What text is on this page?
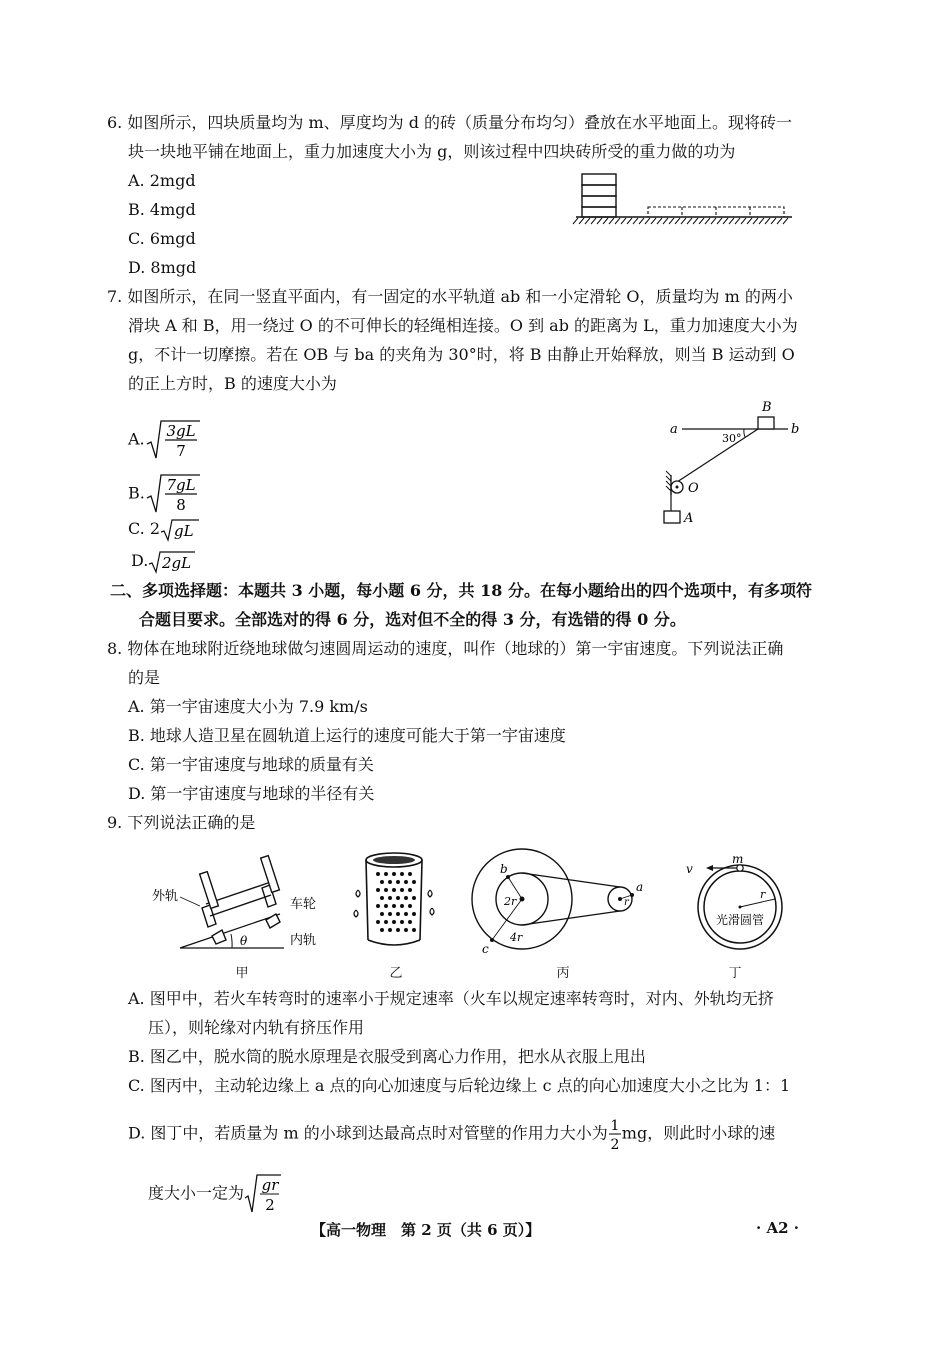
6. 如图所示，四块质量均为 m、厚度均为 d 的砖（质量分布均匀）叠放在水平地面上。现将砖一
块一块地平铺在地面上，重力加速度大小为 g，则该过程中四块砖所受的重力做的功为
A. 2mgd
B. 4mgd
C. 6mgd
D. 8mgd
7. 如图所示，在同一竖直平面内，有一固定的水平轨道 ab 和一小定滑轮 O，质量均为 m 的两小
滑块 A 和 B，用一绕过 O 的不可伸长的轻绳相连接。O 到 ab 的距离为 L，重力加速度大小为
g，不计一切摩擦。若在 OB 与 ba 的夹角为 30°时，将 B 由静止开始释放，则当 B 运动到 O
的正上方时，B 的速度大小为
A. 3gL
7
B. 7gL
8
C. 2 gL
D. 2gL
a	b
B
30°
O
A
二、多项选择题：本题共 3 小题，每小题 6 分，共 18 分。在每小题给出的四个选项中，有多项符
合题目要求。全部选对的得 6 分，选对但不全的得 3 分，有选错的得 0 分。
8. 物体在地球附近绕地球做匀速圆周运动的速度，叫作（地球的）第一宇宙速度。下列说法正确
的是
A. 第一宇宙速度大小为 7.9 km/s
B. 地球人造卫星在圆轨道上运行的速度可能大于第一宇宙速度
C. 第一宇宙速度与地球的质量有关
D. 第一宇宙速度与地球的半径有关
9. 下列说法正确的是
θ
外轨
车轮
内轨
甲	乙
b
c
a
2r
4r
r
丙
v
m
r
光滑圆管
丁
A. 图甲中，若火车转弯时的速率小于规定速率（火车以规定速率转弯时，对内、外轨均无挤
压），则轮缘对内轨有挤压作用
B. 图乙中，脱水筒的脱水原理是衣服受到离心力作用，把水从衣服上甩出
C. 图丙中，主动轮边缘上 a 点的向心加速度与后轮边缘上 c 点的向心加速度大小之比为 1：1
D. 图丁中，若质量为 m 的小球到达最高点时对管壁的作用力大小为 1
2
mg，则此时小球的速
度大小一定为 gr
2
【高一物理　第 2 页（共 6 页）】	· A2 ·
